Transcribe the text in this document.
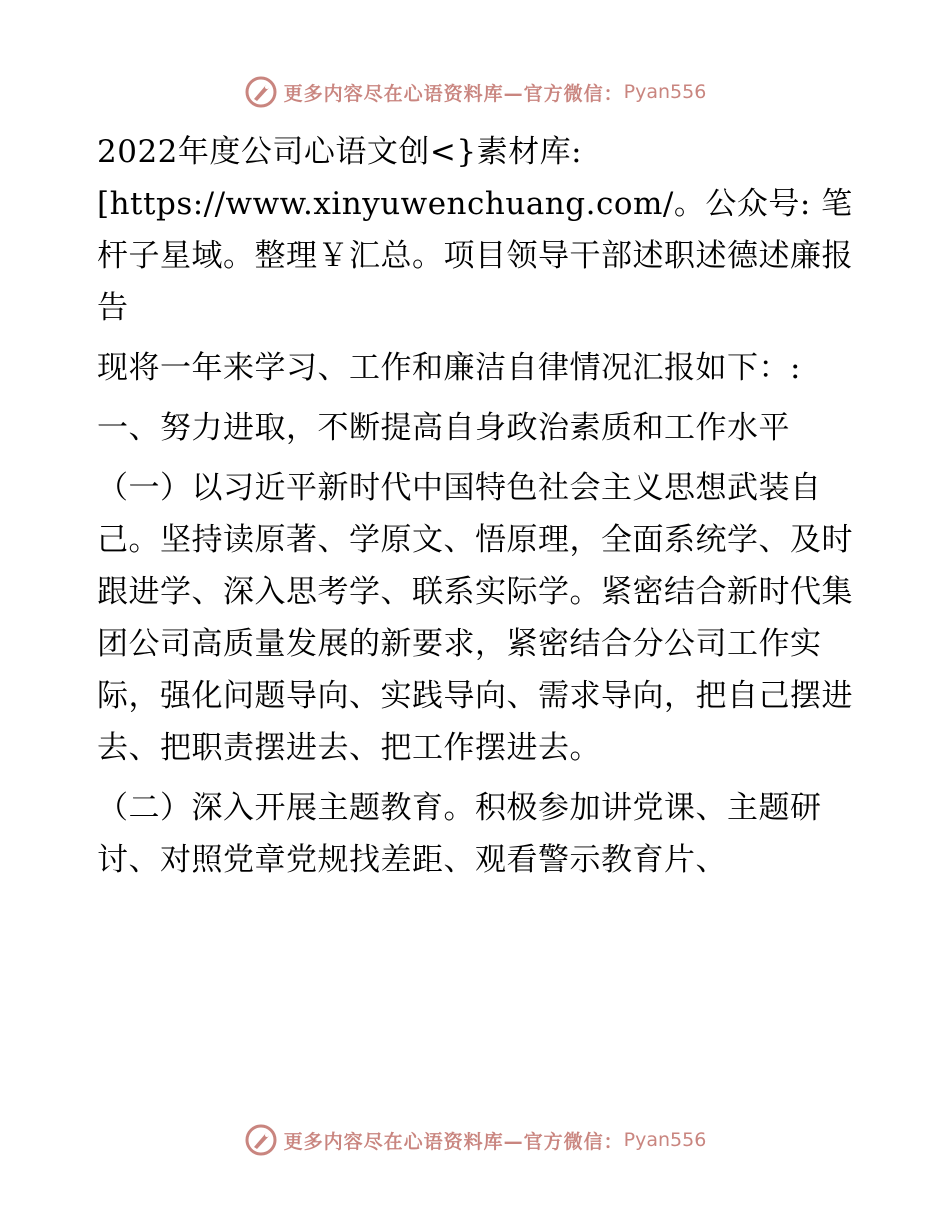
更多内容尽在心语资料库—官方微信： Pyan556

2022年度公司心语文创<}素材库: [https://www.xinyuwenchuang.com/。公众号: 笔杆子星域。整理￥汇总。项目领导干部述职述德述廉报告

现将一年来学习、工作和廉洁自律情况汇报如下：:

一、努力进取，不断提高自身政治素质和工作水平

（一）以习近平新时代中国特色社会主义思想武装自己。坚持读原著、学原文、悟原理，全面系统学、及时跟进学、深入思考学、联系实际学。紧密结合新时代集团公司高质量发展的新要求，紧密结合分公司工作实际，强化问题导向、实践导向、需求导向，把自己摆进去、把职责摆进去、把工作摆进去。

（二）深入开展主题教育。积极参加讲党课、主题研讨、对照党章党规找差距、观看警示教育片、

更多内容尽在心语资料库—官方微信： Pyan556
